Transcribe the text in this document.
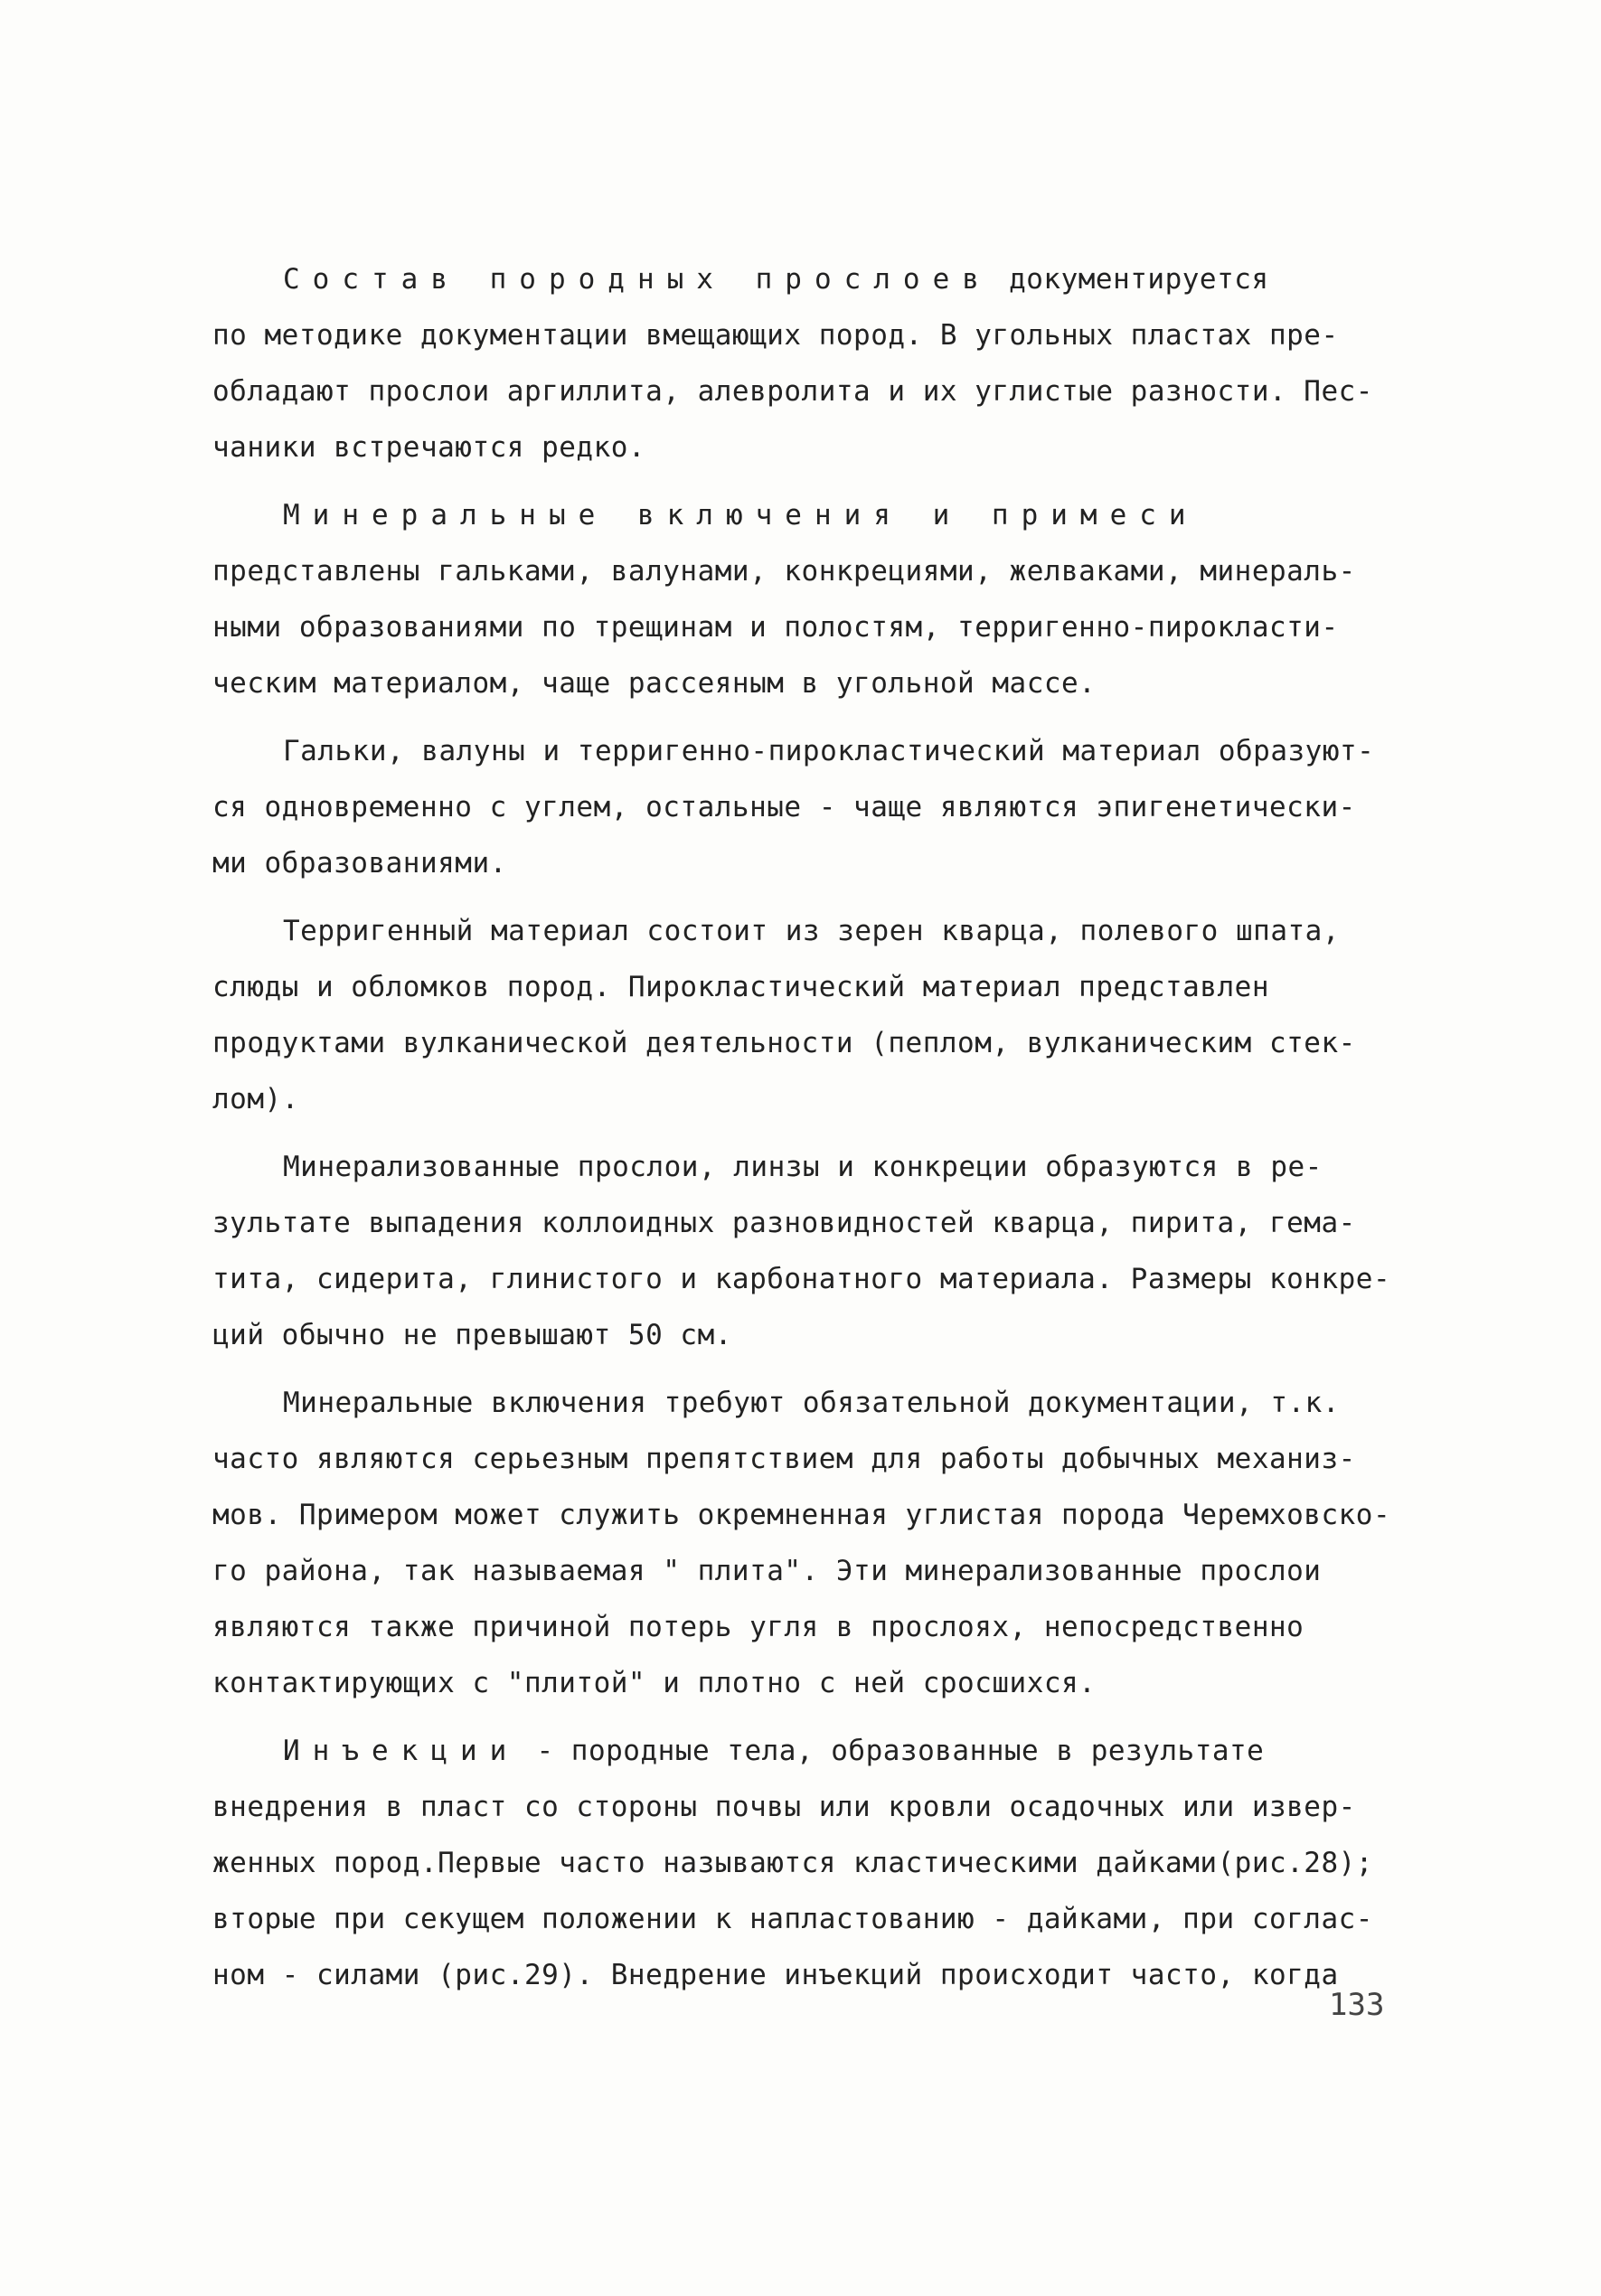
Состав породных прослоев документируется
по методике документации вмещающих пород. В угольных пластах пре-
обладают прослои аргиллита, алевролита и их углистые разности. Пес-
чаники встречаются редко.
Минеральные включения и примеси
представлены гальками, валунами, конкрециями, желваками, минераль-
ными образованиями по трещинам и полостям, терригенно-пирокласти-
ческим материалом, чаще рассеяным в угольной массе.
Гальки, валуны и терригенно-пирокластический материал образуют-
ся одновременно с углем, остальные - чаще являются эпигенетически-
ми образованиями.
Терригенный материал состоит из зерен кварца, полевого шпата,
слюды и обломков пород. Пирокластический материал представлен
продуктами вулканической деятельности (пеплом, вулканическим стек-
лом).
Минерализованные прослои, линзы и конкреции образуются в ре-
зультате выпадения коллоидных разновидностей кварца, пирита, гема-
тита, сидерита, глинистого и карбонатного материала. Размеры конкре-
ций обычно не превышают 50 см.
Минеральные включения требуют обязательной документации, т.к.
часто являются серьезным препятствием для работы добычных механиз-
мов. Примером может служить окремненная углистая порода Черемховско-
го района, так называемая " плита". Эти минерализованные прослои
являются также причиной потерь угля в прослоях, непосредственно
контактирующих с "плитой" и плотно с ней сросшихся.
Инъекции - породные тела, образованные в результате
внедрения в пласт со стороны почвы или кровли осадочных или извер-
женных пород.Первые часто называются кластическими дайками(рис.28);
вторые при секущем положении к напластованию - дайками, при соглас-
ном - силами (рис.29). Внедрение инъекций происходит часто, когда
133
